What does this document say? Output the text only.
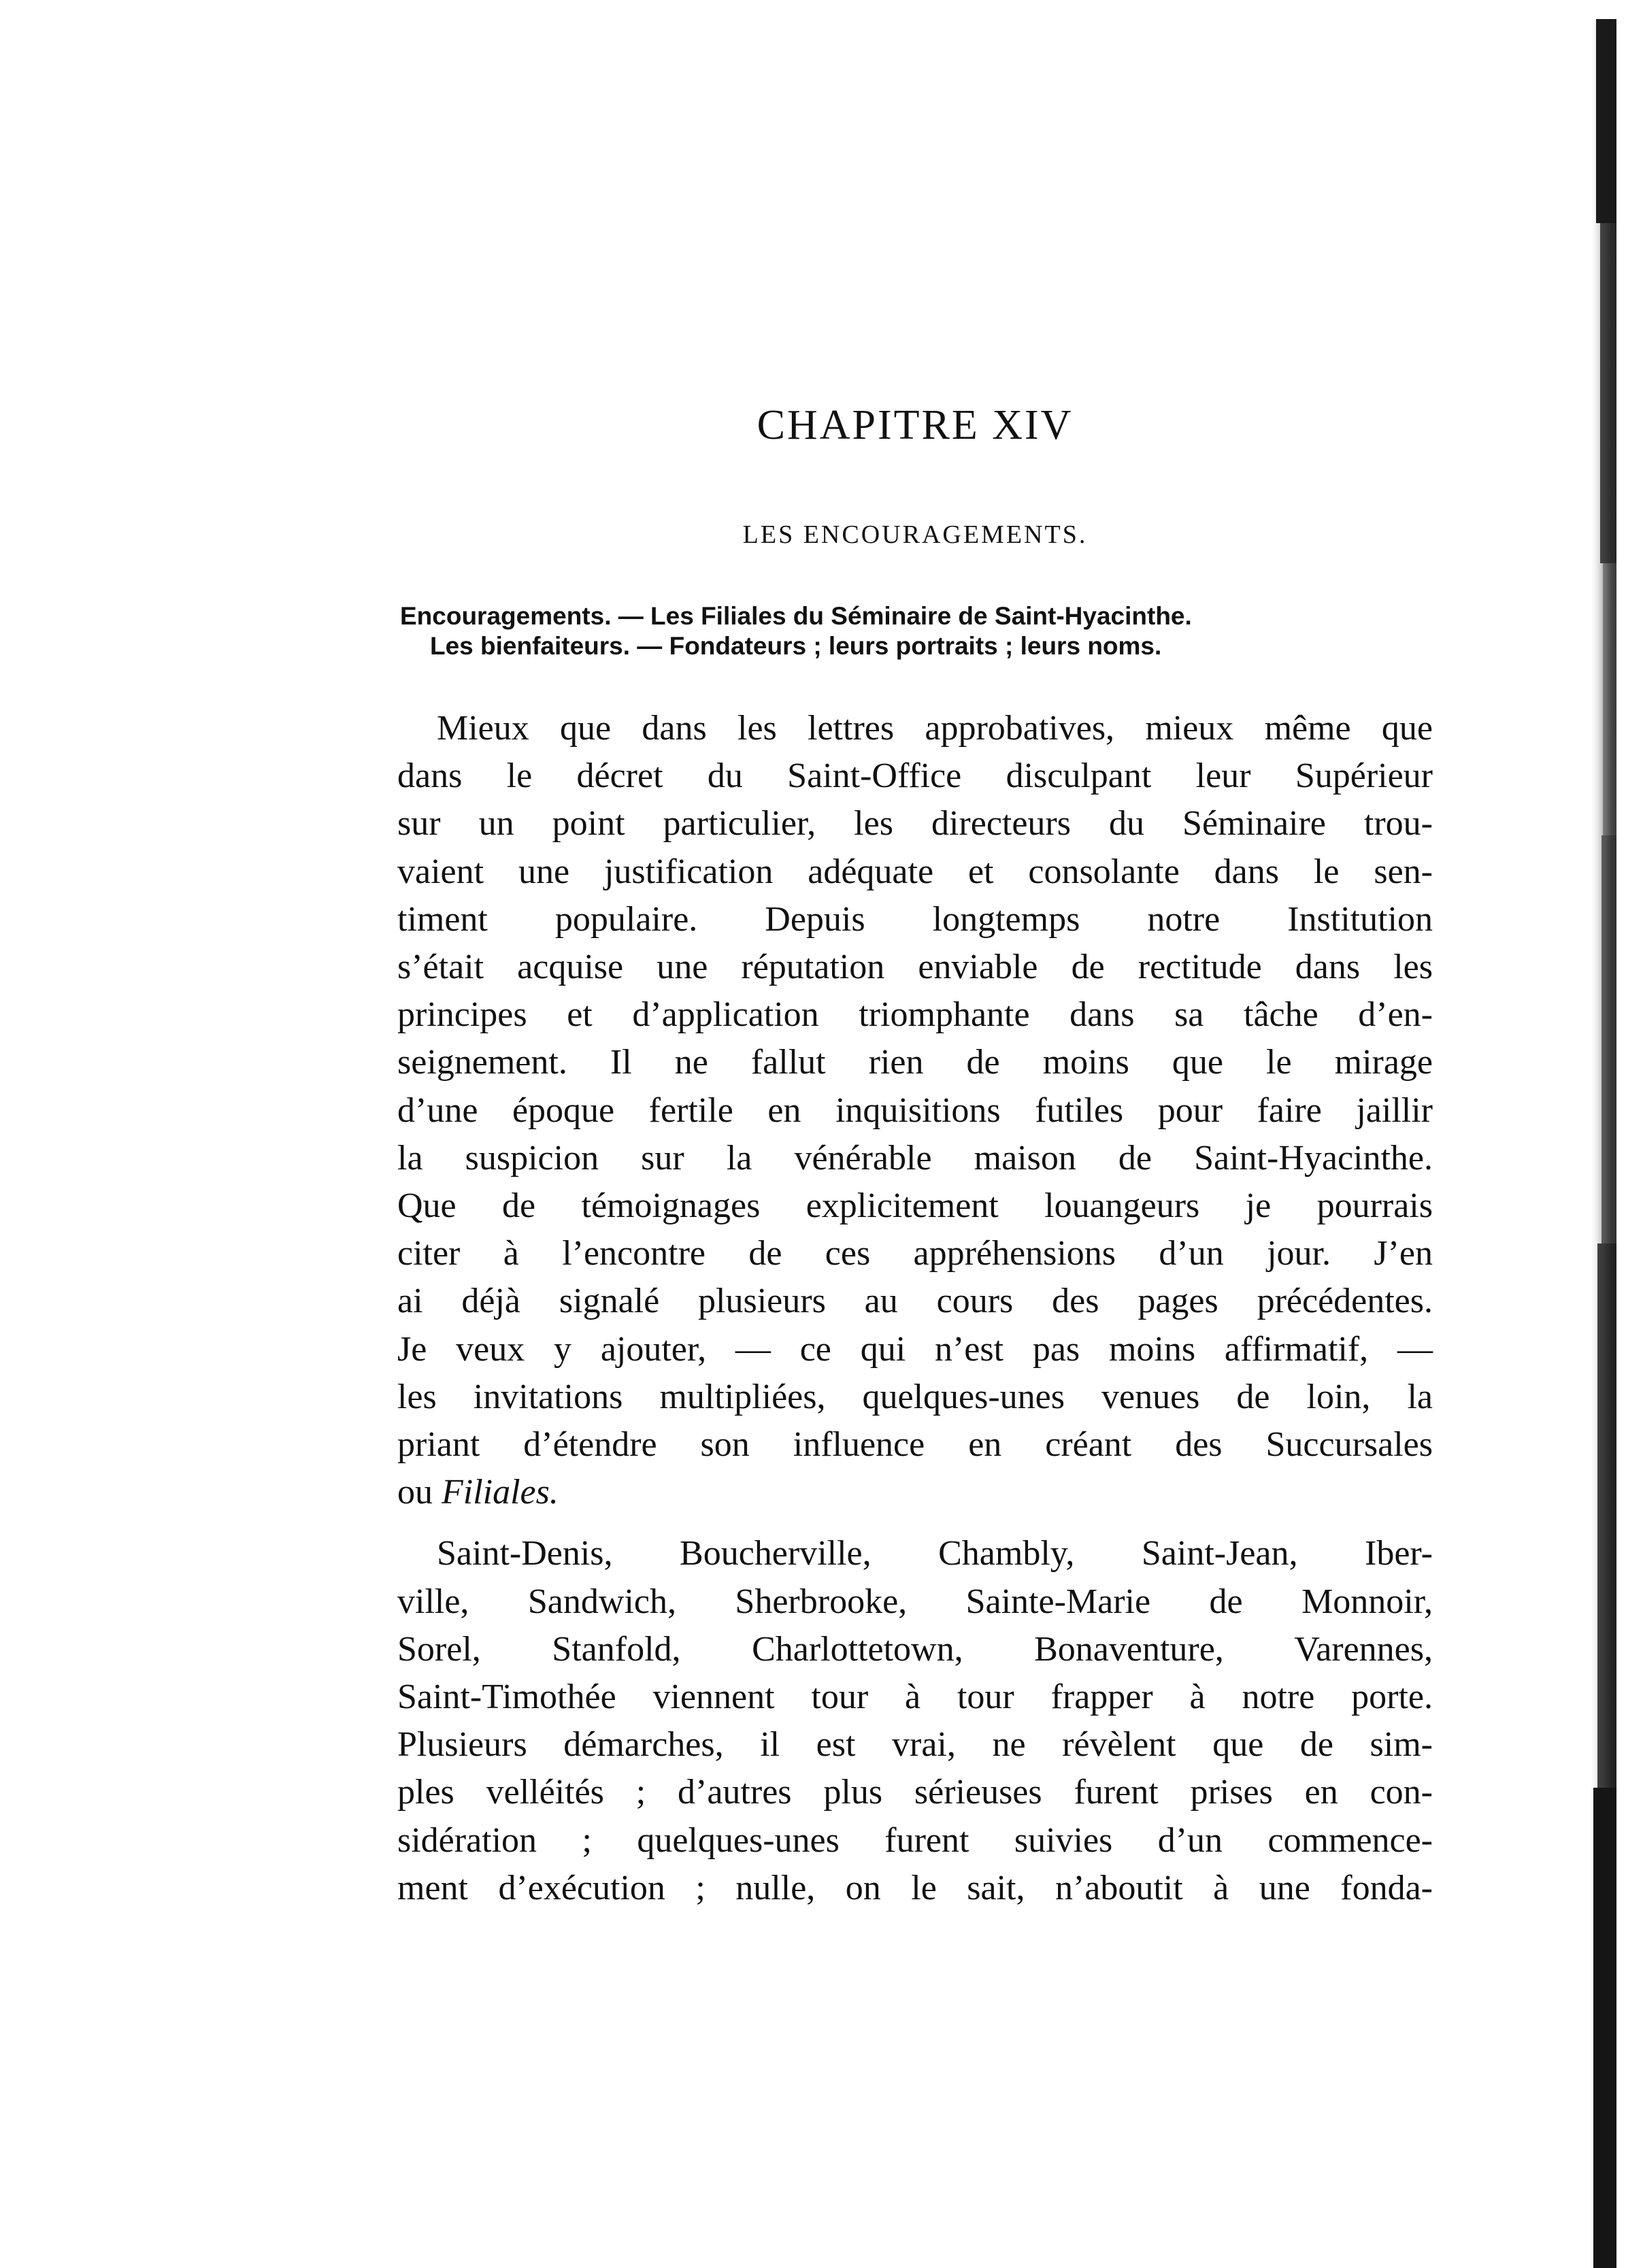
CHAPITRE XIV
LES ENCOURAGEMENTS.
Encouragements. — Les Filiales du Séminaire de Saint-Hyacinthe.
Les bienfaiteurs. — Fondateurs ; leurs portraits ; leurs noms.
Mieux que dans les lettres approbatives, mieux même que
dans le décret du Saint-Office disculpant leur Supérieur
sur un point particulier, les directeurs du Séminaire trou-
vaient une justification adéquate et consolante dans le sen-
timent populaire. Depuis longtemps notre Institution
s’était acquise une réputation enviable de rectitude dans les
principes et d’application triomphante dans sa tâche d’en-
seignement. Il ne fallut rien de moins que le mirage
d’une époque fertile en inquisitions futiles pour faire jaillir
la suspicion sur la vénérable maison de Saint-Hyacinthe.
Que de témoignages explicitement louangeurs je pourrais
citer à l’encontre de ces appréhensions d’un jour. J’en
ai déjà signalé plusieurs au cours des pages précédentes.
Je veux y ajouter, — ce qui n’est pas moins affirmatif, —
les invitations multipliées, quelques-unes venues de loin, la
priant d’étendre son influence en créant des Succursales
ou Filiales.
Saint-Denis, Boucherville, Chambly, Saint-Jean, Iber-
ville, Sandwich, Sherbrooke, Sainte-Marie de Monnoir,
Sorel, Stanfold, Charlottetown, Bonaventure, Varennes,
Saint-Timothée viennent tour à tour frapper à notre porte.
Plusieurs démarches, il est vrai, ne révèlent que de sim-
ples velléités ; d’autres plus sérieuses furent prises en con-
sidération ; quelques-unes furent suivies d’un commence-
ment d’exécution ; nulle, on le sait, n’aboutit à une fonda-
